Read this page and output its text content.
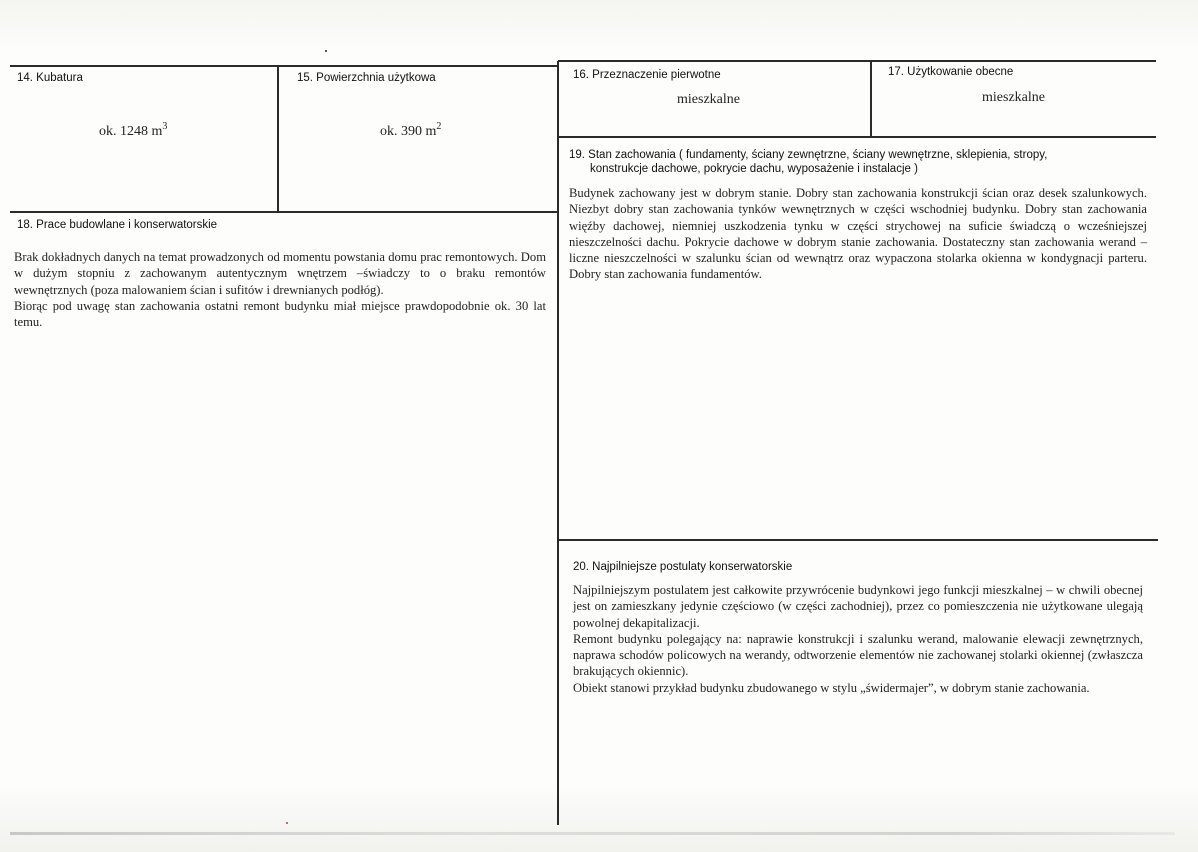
14. Kubatura
ok. 1248 $m^3$
15. Powierzchnia użytkowa
ok. 390 $m^2$
16. Przeznaczenie pierwotne
mieszkalne
17. Użytkowanie obecne
mieszkalne
18. Prace budowlane i konserwatorskie

Brak dokładnych danych na temat prowadzonych od momentu powstania domu prac remontowych. Dom w dużym stopniu z zachowanym autentycznym wnętrzem –świadczy to o braku remontów wewnętrznych (poza malowaniem ścian i sufitów i drewnianych podłóg).

Biorąc pod uwagę stan zachowania ostatni remont budynku miał miejsce prawdopodobnie ok. 30 lat temu.

19. Stan zachowania ( fundamenty, ściany zewnętrzne, ściany wewnętrzne, sklepienia, stropy,
konstrukcje dachowe, pokrycie dachu, wyposażenie i instalacje )

Budynek zachowany jest w dobrym stanie. Dobry stan zachowania konstrukcji ścian oraz desek szalunkowych. Niezbyt dobry stan zachowania tynków wewnętrznych w części wschodniej budynku. Dobry stan zachowania więźby dachowej, niemniej uszkodzenia tynku w części strychowej na suficie świadczą o wcześniejszej nieszczelności dachu. Pokrycie dachowe w dobrym stanie zachowania. Dostateczny stan zachowania werand – liczne nieszczelności w szalunku ścian od wewnątrz oraz wypaczona stolarka okienna w kondygnacji parteru. Dobry stan zachowania fundamentów.

20. Najpilniejsze postulaty konserwatorskie

Najpilniejszym postulatem jest całkowite przywrócenie budynkowi jego funkcji mieszkalnej – w chwili obecnej jest on zamieszkany jedynie częściowo (w części zachodniej), przez co pomieszczenia nie użytkowane ulegają powolnej dekapitalizacji.

Remont budynku polegający na: naprawie konstrukcji i szalunku werand, malowanie elewacji zewnętrznych, naprawa schodów policowych na werandy, odtworzenie elementów nie zachowanej stolarki okiennej (zwłaszcza brakujących okiennic).

Obiekt stanowi przykład budynku zbudowanego w stylu „świdermajer”, w dobrym stanie zachowania.
